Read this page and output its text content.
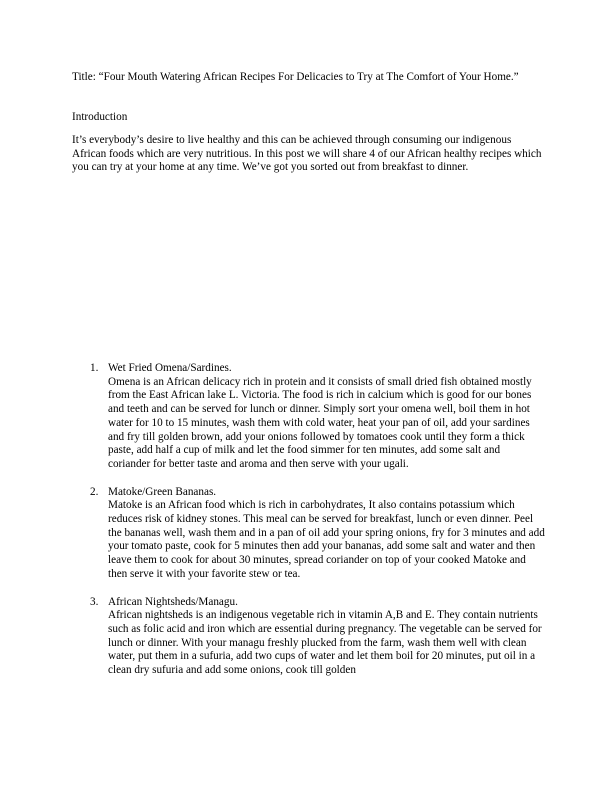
Title: “Four Mouth Watering African Recipes For Delicacies to Try at The Comfort of Your Home.”
Introduction

It’s everybody’s desire to live healthy and this can be achieved through consuming our indigenous African foods which are very nutritious. In this post we will share 4 of our African healthy recipes which you can try at your home at any time. We’ve got you sorted out from breakfast to dinner.

1. Wet Fried Omena/Sardines.
Omena is an African delicacy rich in protein and it consists of small dried fish obtained mostly from the East African lake L. Victoria. The food is rich in calcium which is good for our bones and teeth and can be served for lunch or dinner. Simply sort your omena well, boil them in hot water for 10 to 15 minutes, wash them with cold water, heat your pan of oil, add your sardines and fry till golden brown, add your onions followed by tomatoes cook until they form a thick paste, add half a cup of milk and let the food simmer for ten minutes, add some salt and coriander for better taste and aroma and then serve with your ugali.
2. Matoke/Green Bananas.
Matoke is an African food which is rich in carbohydrates, It also contains potassium which reduces risk of kidney stones. This meal can be served for breakfast, lunch or even dinner. Peel the bananas well, wash them and in a pan of oil add your spring onions, fry for 3 minutes and add your tomato paste, cook for 5 minutes then add your bananas, add some salt and water and then leave them to cook for about 30 minutes, spread coriander on top of your cooked Matoke and then serve it with your favorite stew or tea.
3. African Nightsheds/Managu.
African nightsheds is an indigenous vegetable rich in vitamin A,B and E. They contain nutrients such as folic acid and iron which are essential during pregnancy. The vegetable can be served for lunch or dinner. With your managu freshly plucked from the farm, wash them well with clean water, put them in a sufuria, add two cups of water and let them boil for 20 minutes, put oil in a clean dry sufuria and add some onions, cook till golden
